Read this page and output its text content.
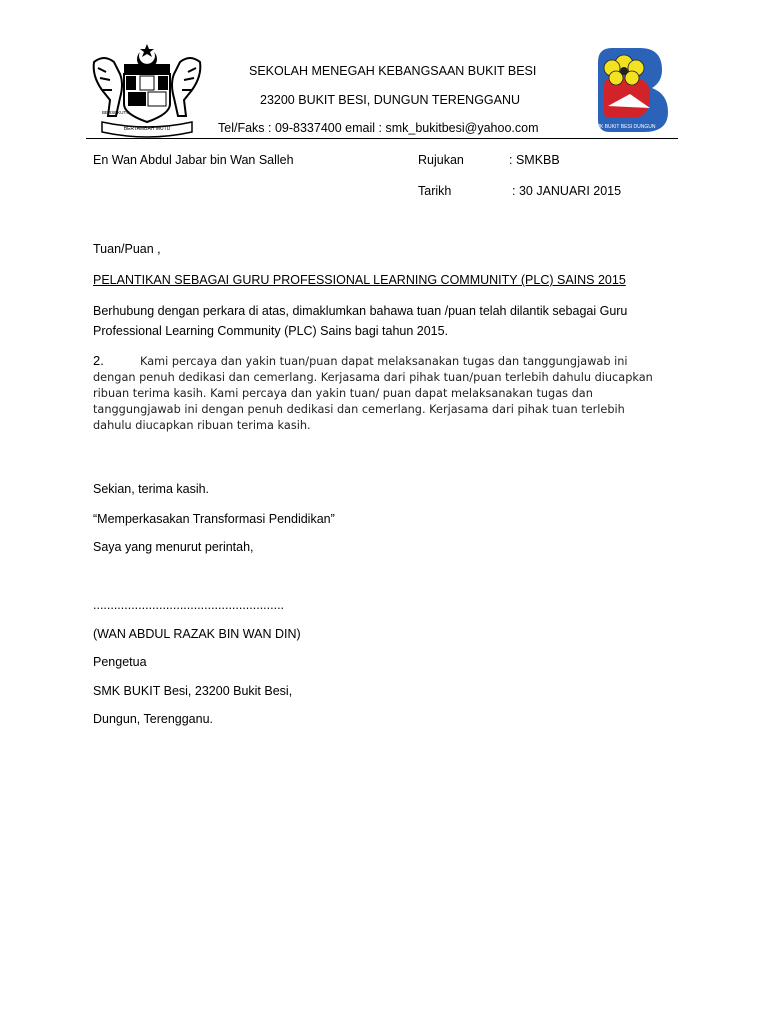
BERTAMBAH MUTU
BERSEKUTU
SMK BUKIT BESI DUNGUN
SEKOLAH MENEGAH KEBANGSAAN BUKIT BESI
23200 BUKIT BESI, DUNGUN TERENGGANU
Tel/Faks : 09-8337400 email : smk_bukitbesi@yahoo.com
En Wan Abdul Jabar bin Wan Salleh	Rujukan	: SMKBB
Tarikh	: 30 JANUARI 2015
Tuan/Puan ,
PELANTIKAN SEBAGAI GURU PROFESSIONAL LEARNING COMMUNITY (PLC) SAINS 2015
Berhubung dengan perkara di atas, dimaklumkan bahawa tuan /puan telah dilantik sebagai Guru
Professional Learning Community (PLC) Sains bagi tahun 2015.
2.	Kami percaya dan yakin tuan/puan dapat melaksanakan tugas dan tanggungjawab ini
dengan penuh dedikasi dan cemerlang. Kerjasama dari pihak tuan/puan terlebih dahulu diucapkan
ribuan terima kasih. Kami percaya dan yakin tuan/ puan dapat melaksanakan tugas dan
tanggungjawab ini dengan penuh dedikasi dan cemerlang. Kerjasama dari pihak tuan terlebih
dahulu diucapkan ribuan terima kasih.
Sekian, terima kasih.
“Memperkasakan Transformasi Pendidikan”
Saya yang menurut perintah,
.......................................................
(WAN ABDUL RAZAK BIN WAN DIN)
Pengetua
SMK BUKIT Besi, 23200 Bukit Besi,
Dungun, Terengganu.
